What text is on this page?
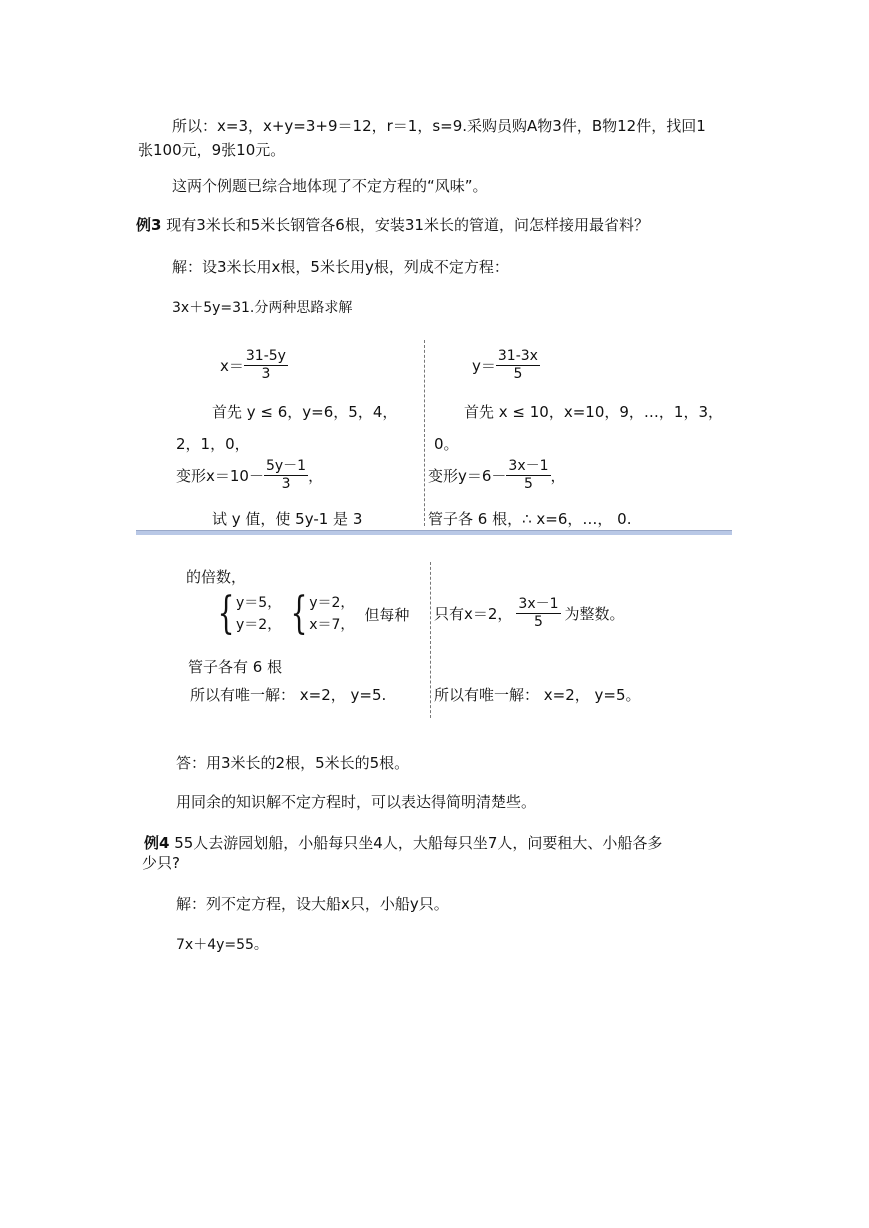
所以：x=3，x+y=3+9＝12，r＝1，s=9.采购员购A物3件，B物12件，找回1
张100元，9张10元。
这两个例题已综合地体现了不定方程的“风味”。
例3 现有3米长和5米长钢管各6根，安装31米长的管道，问怎样接用最省料？
解：设3米长用x根，5米长用y根，列成不定方程：
3x＋5y=31.分两种思路求解
$x= \frac{31-5y}{3}$
首先 y ≤ 6，y=6，5，4，
2，1，0，
变形$x=10- \frac{5y-1}{3}$ ，
试 y 值，使 5y-1 是 3
$y= \frac{31-3x}{5}$
首先 x ≤ 10，x=10，9，…，1，3，
0。
变形$y=6- \frac{3x-1}{5}$ ，
管子各 6 根，∴ x=6，…， 0.
的倍数，
{ y＝5，
y＝2， { y＝2，
x＝7，
但每种
管子各有 6 根
所以有唯一解： x=2， y=5.
只有x＝2， $\frac{3x-1}{5}$ 为整数。
所以有唯一解： x=2， y=5。
答：用3米长的2根，5米长的5根。
用同余的知识解不定方程时，可以表达得简明清楚些。
例4 55人去游园划船，小船每只坐4人，大船每只坐7人，问要租大、小船各多
少只?
解：列不定方程，设大船x只，小船y只。
7x＋4y=55。
